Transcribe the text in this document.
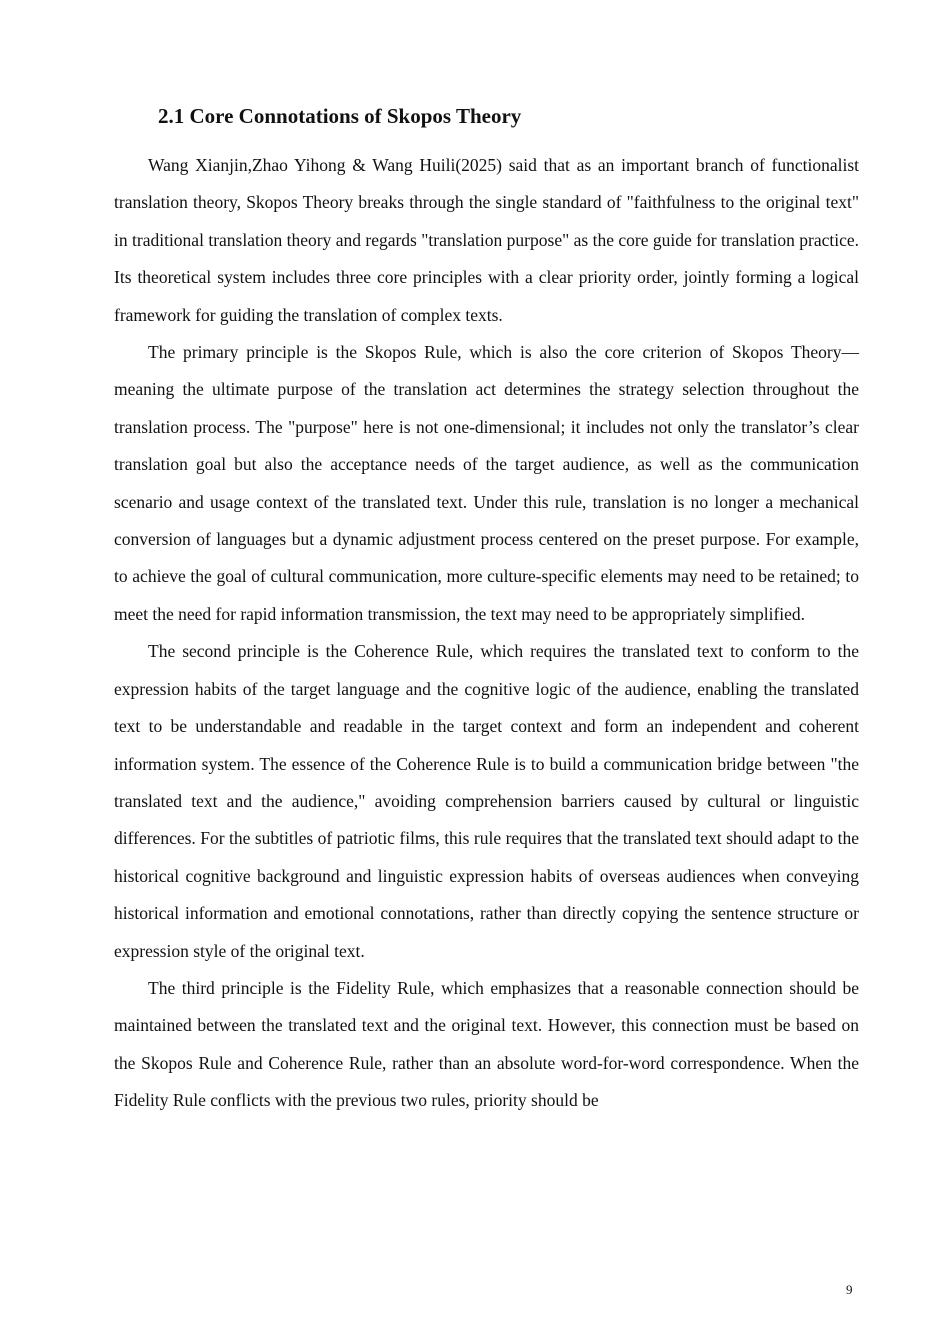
2.1 Core Connotations of Skopos Theory

Wang Xianjin,Zhao Yihong & Wang Huili(2025) said that as an important branch of functionalist translation theory, Skopos Theory breaks through the single standard of "faithfulness to the original text" in traditional translation theory and regards "translation purpose" as the core guide for translation practice. Its theoretical system includes three core principles with a clear priority order, jointly forming a logical framework for guiding the translation of complex texts.

The primary principle is the Skopos Rule, which is also the core criterion of Skopos Theory—meaning the ultimate purpose of the translation act determines the strategy selection throughout the translation process. The "purpose" here is not one-dimensional; it includes not only the translator’s clear translation goal but also the acceptance needs of the target audience, as well as the communication scenario and usage context of the translated text. Under this rule, translation is no longer a mechanical conversion of languages but a dynamic adjustment process centered on the preset purpose. For example, to achieve the goal of cultural communication, more culture-specific elements may need to be retained; to meet the need for rapid information transmission, the text may need to be appropriately simplified.

The second principle is the Coherence Rule, which requires the translated text to conform to the expression habits of the target language and the cognitive logic of the audience, enabling the translated text to be understandable and readable in the target context and form an independent and coherent information system. The essence of the Coherence Rule is to build a communication bridge between "the translated text and the audience," avoiding comprehension barriers caused by cultural or linguistic differences. For the subtitles of patriotic films, this rule requires that the translated text should adapt to the historical cognitive background and linguistic expression habits of overseas audiences when conveying historical information and emotional connotations, rather than directly copying the sentence structure or expression style of the original text.

The third principle is the Fidelity Rule, which emphasizes that a reasonable connection should be maintained between the translated text and the original text. However, this connection must be based on the Skopos Rule and Coherence Rule, rather than an absolute word-for-word correspondence. When the Fidelity Rule conflicts with the previous two rules, priority should be

9
